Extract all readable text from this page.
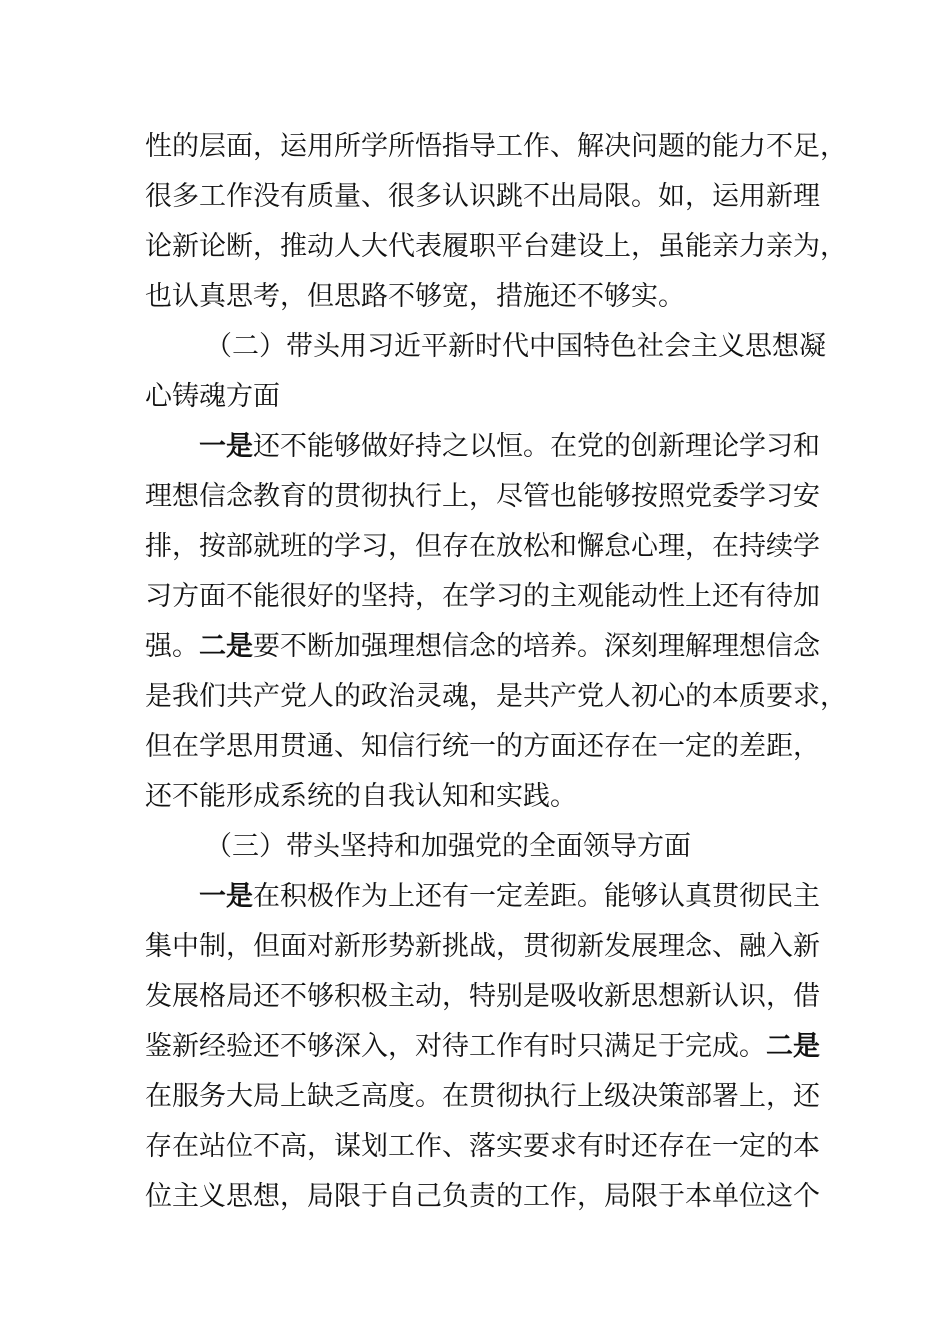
性的层面，运用所学所悟指导工作、解决问题的能力不足，
很多工作没有质量、很多认识跳不出局限。如，运用新理
论新论断，推动人大代表履职平台建设上，虽能亲力亲为，
也认真思考，但思路不够宽，措施还不够实。
（二）带头用习近平新时代中国特色社会主义思想凝
心铸魂方面
一是还不能够做好持之以恒。在党的创新理论学习和
理想信念教育的贯彻执行上，尽管也能够按照党委学习安
排，按部就班的学习，但存在放松和懈怠心理，在持续学
习方面不能很好的坚持，在学习的主观能动性上还有待加
强。二是要不断加强理想信念的培养。深刻理解理想信念
是我们共产党人的政治灵魂，是共产党人初心的本质要求，
但在学思用贯通、知信行统一的方面还存在一定的差距，
还不能形成系统的自我认知和实践。
（三）带头坚持和加强党的全面领导方面
一是在积极作为上还有一定差距。能够认真贯彻民主
集中制，但面对新形势新挑战，贯彻新发展理念、融入新
发展格局还不够积极主动，特别是吸收新思想新认识，借
鉴新经验还不够深入，对待工作有时只满足于完成。二是
在服务大局上缺乏高度。在贯彻执行上级决策部署上，还
存在站位不高，谋划工作、落实要求有时还存在一定的本
位主义思想，局限于自己负责的工作，局限于本单位这个
